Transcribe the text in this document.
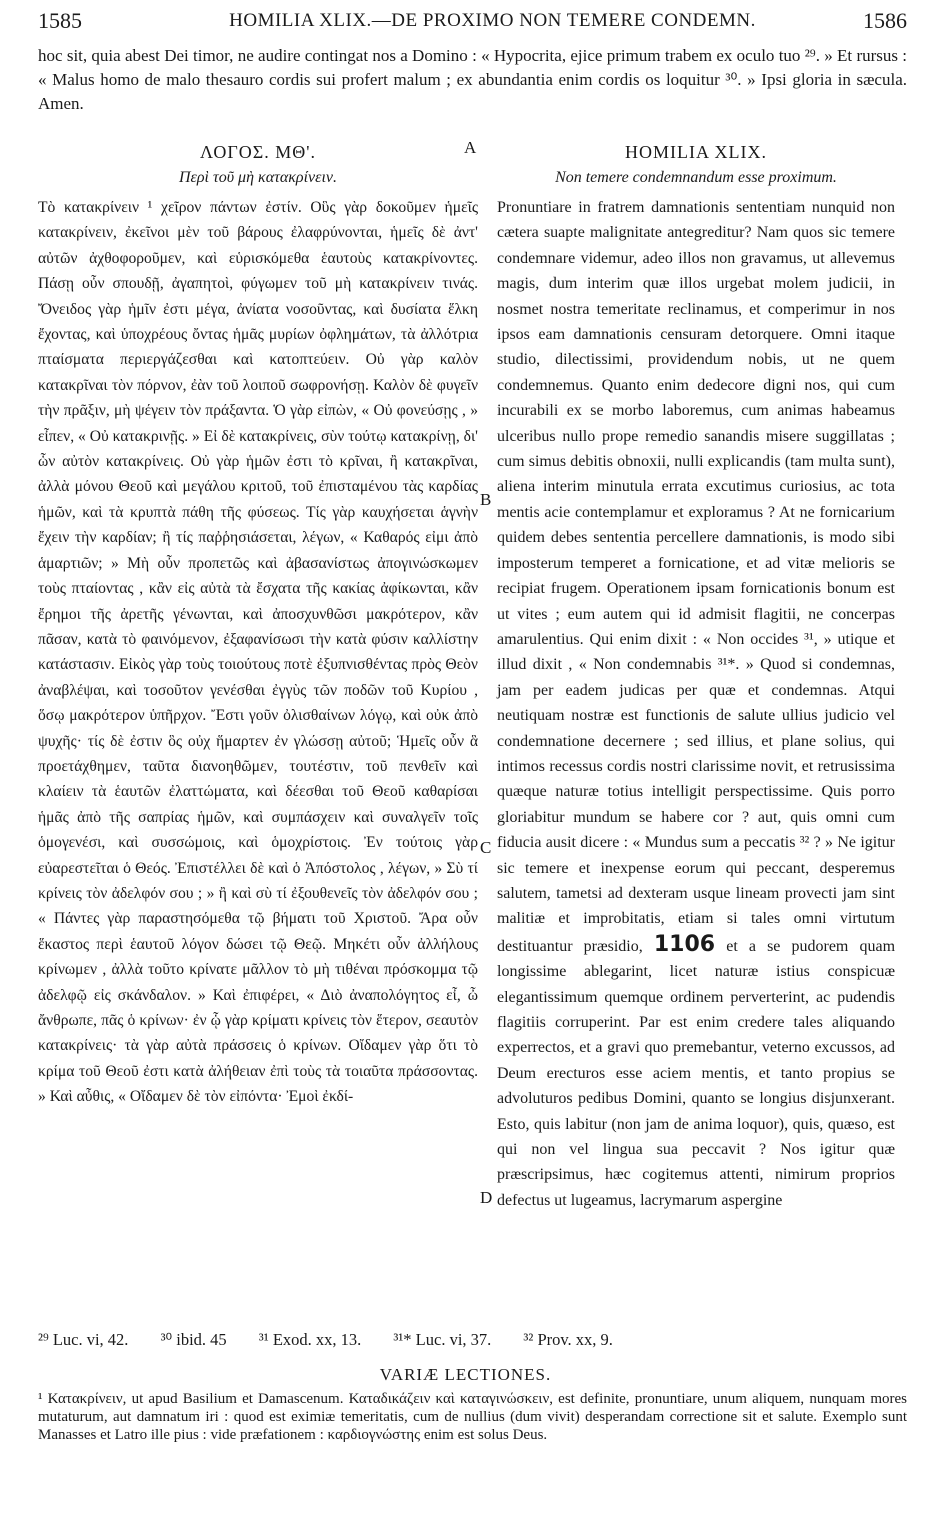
1585	HOMILIA XLIX.—DE PROXIMO NON TEMERE CONDEMN.	1586
hoc sit, quia abest Dei timor, ne audire contingat nos a Domino : « Hypocrita, ejice primum trabem ex oculo tuo ²⁹. » Et rursus : « Malus homo de malo thesauro cordis sui profert malum ; ex abundantia enim cordis os loquitur ³⁰. » Ipsi gloria in sæcula. Amen.
A
ΛΟΓΟΣ. ΜΘ'.
Περὶ τοῦ μὴ κατακρίνειν.

Τὸ κατακρίνειν ¹ χεῖρον πάντων ἐστίν. Οὓς γὰρ δοκοῦμεν ἡμεῖς κατακρίνειν, ἐκεῖνοι μὲν τοῦ βάρους ἐλαφρύνονται, ἡμεῖς δὲ ἀντ' αὐτῶν ἀχθοφοροῦμεν, καὶ εὑρισκόμεθα ἑαυτοὺς κατακρίνοντες. Πάσῃ οὖν σπουδῇ, ἀγαπητοὶ, φύγωμεν τοῦ μὴ κατακρίνειν τινάς. Ὄνειδος γὰρ ἡμῖν ἐστι μέγα, ἀνίατα νοσοῦντας, καὶ δυσίατα ἕλκη ἔχοντας, καὶ ὑποχρέους ὄντας ἡμᾶς μυρίων ὀφλημάτων, τὰ ἀλλότρια πταίσματα περιεργάζεσθαι καὶ κατοπτεύειν. Οὐ γὰρ καλὸν κατακρῖναι τὸν πόρνον, ἐὰν τοῦ λοιποῦ σωφρονήσῃ. Καλὸν δὲ φυγεῖν τὴν πρᾶξιν, μὴ ψέγειν τὸν πράξαντα. Ὁ γὰρ εἰπὼν, « Οὐ φονεύσῃς , » εἶπεν, « Οὐ κατακρινῇς. » Εἰ δὲ κατακρίνεις, σὺν τούτῳ κατακρίνῃ, δι' ὧν αὐτὸν κατακρίνεις. Οὐ γὰρ ἡμῶν ἐστι τὸ κρῖναι, ἢ κατακρῖναι, ἀλλὰ μόνου Θεοῦ καὶ μεγάλου κριτοῦ, τοῦ ἐπισταμένου τὰς καρδίας ἡμῶν, καὶ τὰ κρυπτὰ πάθη τῆς φύσεως. Τίς γὰρ καυχήσεται ἁγνὴν ἔχειν τὴν καρδίαν; ἢ τίς παῤῥησιάσεται, λέγων, « Καθαρός εἰμι ἀπὸ ἁμαρτιῶν; » Μὴ οὖν προπετῶς καὶ ἀβασανίστως ἀπογινώσκωμεν τοὺς πταίοντας , κἂν εἰς αὐτὰ τὰ ἔσχατα τῆς κακίας ἀφίκωνται, κἂν ἔρημοι τῆς ἀρετῆς γένωνται, καὶ ἀποσχυνθῶσι μακρότερον, κἂν πᾶσαν, κατὰ τὸ φαινόμενον, ἐξαφανίσωσι τὴν κατὰ φύσιν καλλίστην κατάστασιν. Εἰκὸς γὰρ τοὺς τοιούτους ποτὲ ἐξυπνισθέντας πρὸς Θεὸν ἀναβλέψαι, καὶ τοσοῦτον γενέσθαι ἐγγὺς τῶν ποδῶν τοῦ Κυρίου , ὅσῳ μακρότερον ὑπῆρχον. Ἔστι γοῦν ὀλισθαίνων λόγῳ, καὶ οὐκ ἀπὸ ψυχῆς· τίς δὲ ἐστιν ὃς οὐχ ἥμαρτεν ἐν γλώσσῃ αὐτοῦ; Ἡμεῖς οὖν ἃ προετάχθημεν, ταῦτα διανοηθῶμεν, τουτέστιν, τοῦ πενθεῖν καὶ κλαίειν τὰ ἑαυτῶν ἐλαττώματα, καὶ δέεσθαι τοῦ Θεοῦ καθαρίσαι ἡμᾶς ἀπὸ τῆς σαπρίας ἡμῶν, καὶ συμπάσχειν καὶ συναλγεῖν τοῖς ὁμογενέσι, καὶ συσσώμοις, καὶ ὁμοχρίστοις. Ἐν τούτοις γὰρ εὐαρεστεῖται ὁ Θεός. Ἐπιστέλλει δὲ καὶ ὁ Ἀπόστολος , λέγων, » Σὺ τί κρίνεις τὸν ἀδελφόν σου ; » ἢ καὶ σὺ τί ἐξουθενεῖς τὸν ἀδελφόν σου ; « Πάντες γὰρ παραστησόμεθα τῷ βήματι τοῦ Χριστοῦ. Ἄρα οὖν ἕκαστος περὶ ἑαυτοῦ λόγον δώσει τῷ Θεῷ. Μηκέτι οὖν ἀλλήλους κρίνωμεν , ἀλλὰ τοῦτο κρίνατε μᾶλλον τὸ μὴ τιθέναι πρόσκομμα τῷ ἀδελφῷ εἰς σκάνδαλον. » Καὶ ἐπιφέρει, « Διὸ ἀναπολόγητος εἶ, ὦ ἄνθρωπε, πᾶς ὁ κρίνων· ἐν ᾧ γὰρ κρίματι κρίνεις τὸν ἕτερον, σεαυτὸν κατακρίνεις· τὰ γὰρ αὐτὰ πράσσεις ὁ κρίνων. Οἴδαμεν γὰρ ὅτι τὸ κρίμα τοῦ Θεοῦ ἐστι κατὰ ἀλήθειαν ἐπὶ τοὺς τὰ τοιαῦτα πράσσοντας. » Καὶ αὖθις, « Οἴδαμεν δὲ τὸν εἰπόντα· Ἐμοὶ ἐκδί-

HOMILIA XLIX.
Non temere condemnandum esse proximum.

Pronuntiare in fratrem damnationis sententiam nunquid non cætera suapte malignitate antegreditur? Nam quos sic temere condemnare videmur, adeo illos non gravamus, ut allevemus magis, dum interim quæ illos urgebat molem judicii, in nosmet nostra temeritate reclinamus, et comperimur in nos ipsos eam damnationis censuram detorquere. Omni itaque studio, dilectissimi, providendum nobis, ut ne quem condemnemus. Quanto enim dedecore digni nos, qui cum incurabili ex se morbo laboremus, cum animas habeamus ulceribus nullo prope remedio sanandis misere suggillatas ; cum simus debitis obnoxii, nulli explicandis (tam multa sunt), aliena interim minutula errata excutimus curiosius, ac tota mentis acie contemplamur et exploramus ? At ne fornicarium quidem debes sententia percellere damnationis, is modo sibi imposterum temperet a fornicatione, et ad vitæ melioris se recipiat frugem. Operationem ipsam fornicationis bonum est ut vites ; eum autem qui id admisit flagitii, ne concerpas amarulentius. Qui enim dixit : « Non occides ³¹, » utique et illud dixit , « Non condemnabis ³¹*. » Quod si condemnas, jam per eadem judicas per quæ et condemnas. Atqui neutiquam nostræ est functionis de salute ullius judicio vel condemnatione decernere ; sed illius, et plane solius, qui intimos recessus cordis nostri clarissime novit, et retrusissima quæque naturæ totius intelligit perspectissime. Quis porro gloriabitur mundum se habere cor ? aut, quis omni cum fiducia ausit dicere : « Mundus sum a peccatis ³² ? » Ne igitur sic temere et inexpense eorum qui peccant, desperemus salutem, tametsi ad dexteram usque lineam provecti jam sint malitiæ et improbitatis, etiam si tales omni virtutum destituantur præsidio, 1106 et a se pudorem quam longissime ablegarint, licet naturæ istius conspicuæ elegantissimum quemque ordinem perverterint, ac pudendis flagitiis corruperint. Par est enim credere tales aliquando experrectos, et a gravi quo premebantur, veterno excussos, ad Deum erecturos esse aciem mentis, et tanto propius se advoluturos pedibus Domini, quanto se longius disjunxerant. Esto, quis labitur (non jam de anima loquor), quis, quæso, est qui non vel lingua sua peccavit ? Nos igitur quæ præscripsimus, hæc cogitemus attenti, nimirum proprios defectus ut lugeamus, lacrymarum aspergine

B
C
D
²⁹ Luc. vi, 42. ³⁰ ibid. 45 ³¹ Exod. xx, 13. ³¹* Luc. vi, 37. ³² Prov. xx, 9.
VARIÆ LECTIONES.
¹ Κατακρίνειν, ut apud Basilium et Damascenum. Καταδικάζειν καὶ καταγινώσκειν, est definite, pronuntiare, unum aliquem, nunquam mores mutaturum, aut damnatum iri : quod est eximiæ temeritatis, cum de nullius (dum vivit) desperandam correctione sit et salute. Exemplo sunt Manasses et Latro ille pius : vide præfationem : καρδιογνώστης enim est solus Deus.
